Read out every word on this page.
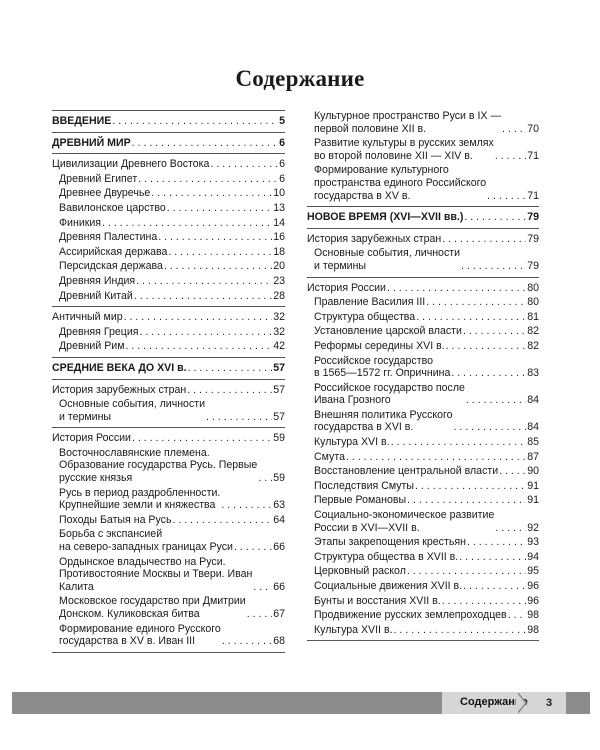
Содержание
ВВЕДЕНИЕ . . .	5
ДРЕВНИЙ МИР . . .	6
Цивилизации Древнего Востока . . .	6
Древний Египет . . .	6
Древнее Двуречье . . .	10
Вавилонское царство . . .	13
Финикия . . .	14
Древняя Палестина . . .	16
Ассирийская держава . . .	18
Персидская держава . . .	20
Древняя Индия . . .	23
Древний Китай . . .	28
Античный мир . . .	32
Древняя Греция . . .	32
Древний Рим . . .	42
СРЕДНИЕ ВЕКА ДО XVI в. . . .	57
История зарубежных стран . . .	57
Основные события, личности
и термины . . .	57
История России . . .	59
Восточнославянские племена.
Образование государства Русь. Первые
русские князья . . .	59
Русь в период раздробленности.
Крупнейшие земли и княжества . . .	63
Походы Батыя на Русь . . .	64
Борьба с экспансией
на северо-западных границах Руси . . .	66
Ордынское владычество на Руси.
Противостояние Москвы и Твери. Иван
Калита . . .	66
Московское государство при Дмитрии
Донском. Куликовская битва . . .	67
Формирование единого Русского
государства в XV в. Иван III . . .	68
Культурное пространство Руси в IX —
первой половине XII в. . . .	70
Развитие культуры в русских землях
во второй половине XII — XIV в. . . .	71
Формирование культурного
пространства единого Российского
государства в XV в. . . .	71
НОВОЕ ВРЕМЯ (XVI—XVII вв.) . . .	79
История зарубежных стран . . .	79
Основные события, личности
и термины . . .	79
История России . . .	80
Правление Василия III . . .	80
Структура общества . . .	81
Установление царской власти . . .	82
Реформы середины XVI в. . . .	82
Российское государство
в 1565—1572 гг. Опричнина . . .	83
Российское государство после
Ивана Грозного . . .	84
Внешняя политика Русского
государства в XVI в. . . .	84
Культура XVI в. . . .	85
Смута . . .	87
Восстановление центральной власти . . .	90
Последствия Смуты . . .	91
Первые Романовы . . .	91
Социально-экономическое развитие
России в XVI—XVII в. . . .	92
Этапы закрепощения крестьян . . .	93
Структура общества в XVII в. . . .	94
Церковный раскол . . .	95
Социальные движения XVII в. . . .	96
Бунты и восстания XVII в. . . .	96
Продвижение русских землепроходцев . . . 98
Культура XVII в. . . .	98
Содержание	3
